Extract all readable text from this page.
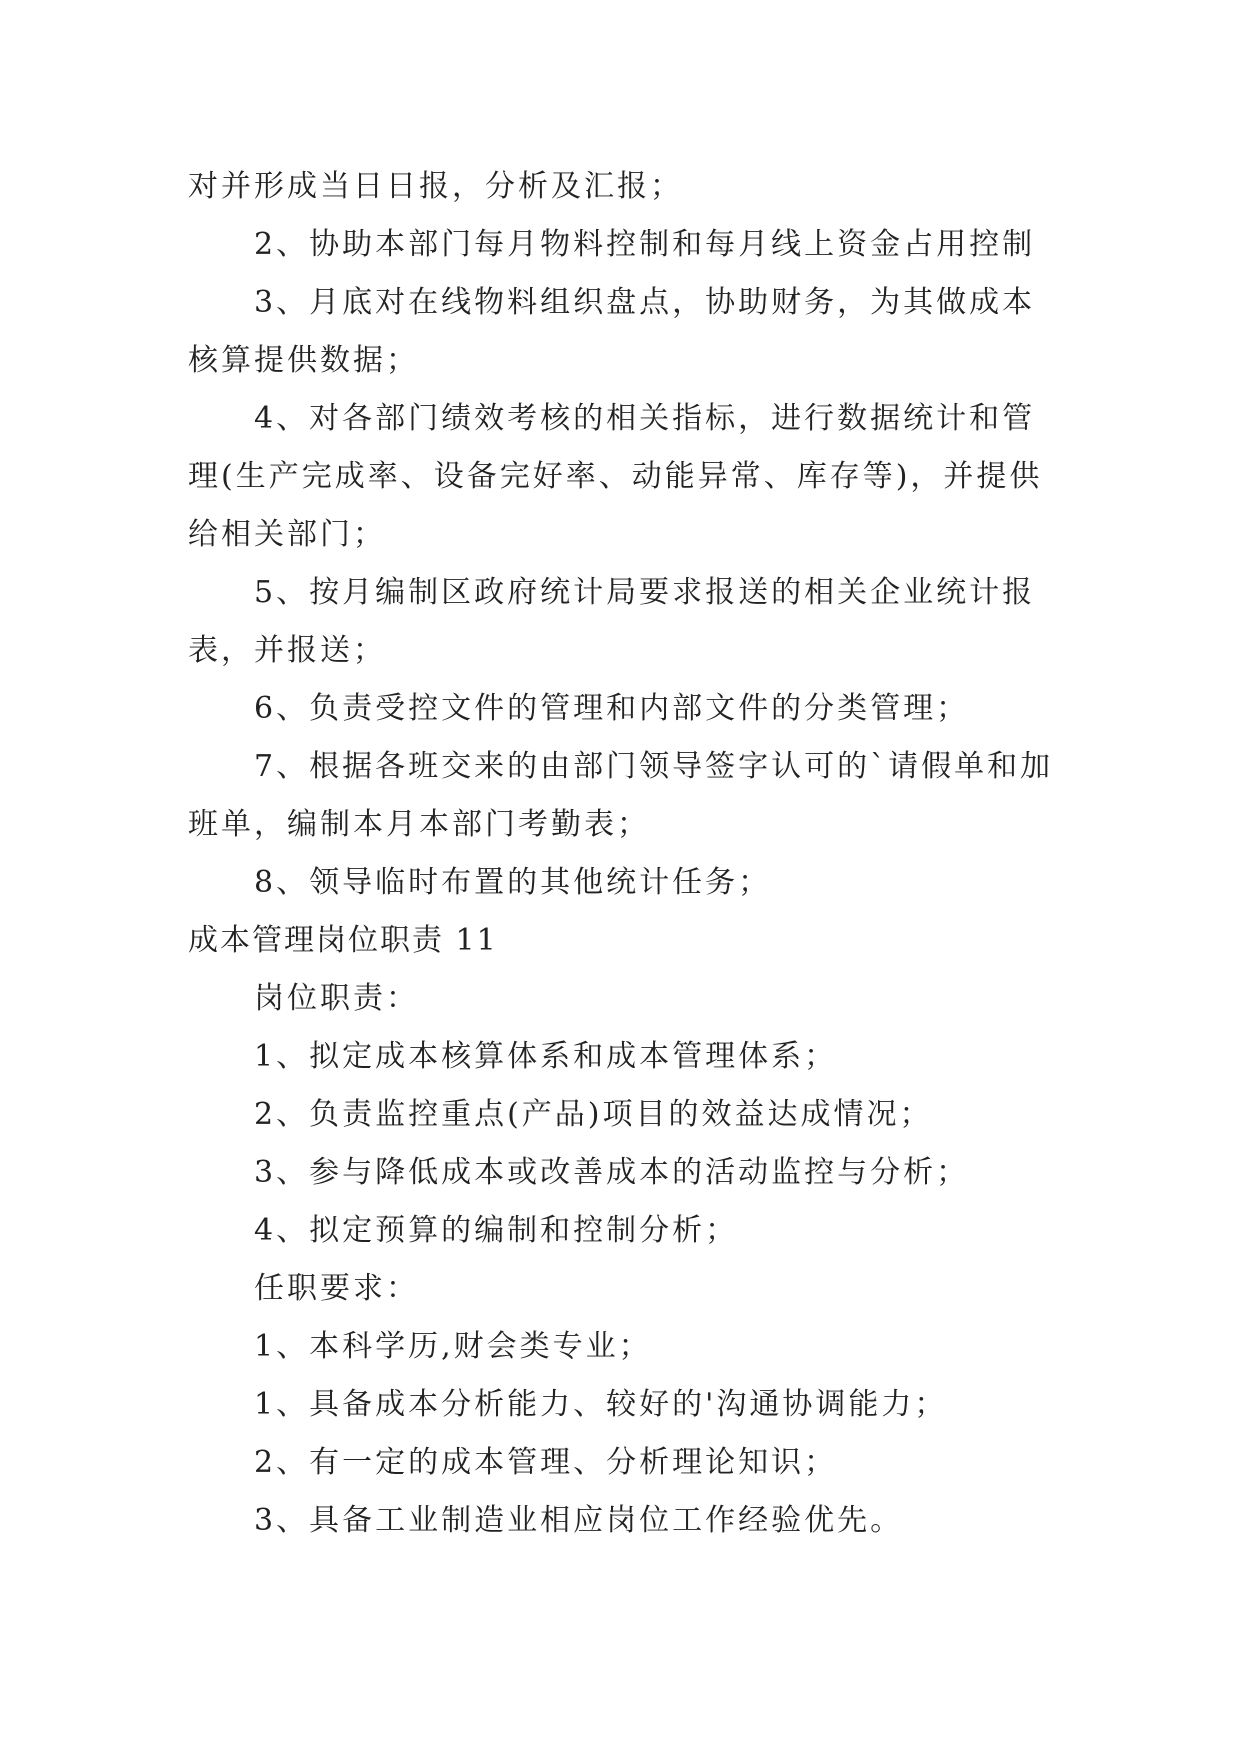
对并形成当日日报，分析及汇报；

2、协助本部门每月物料控制和每月线上资金占用控制

3、月底对在线物料组织盘点，协助财务，为其做成本核算提供数据；

4、对各部门绩效考核的相关指标，进行数据统计和管理(生产完成率、设备完好率、动能异常、库存等)，并提供给相关部门；

5、按月编制区政府统计局要求报送的相关企业统计报表，并报送；

6、负责受控文件的管理和内部文件的分类管理；

7、根据各班交来的由部门领导签字认可的`请假单和加班单，编制本月本部门考勤表；

8、领导临时布置的其他统计任务；

成本管理岗位职责 11

岗位职责：

1、拟定成本核算体系和成本管理体系；

2、负责监控重点(产品)项目的效益达成情况；

3、参与降低成本或改善成本的活动监控与分析；

4、拟定预算的编制和控制分析；

任职要求：

1、本科学历,财会类专业；

1、具备成本分析能力、较好的'沟通协调能力；

2、有一定的成本管理、分析理论知识；

3、具备工业制造业相应岗位工作经验优先。
